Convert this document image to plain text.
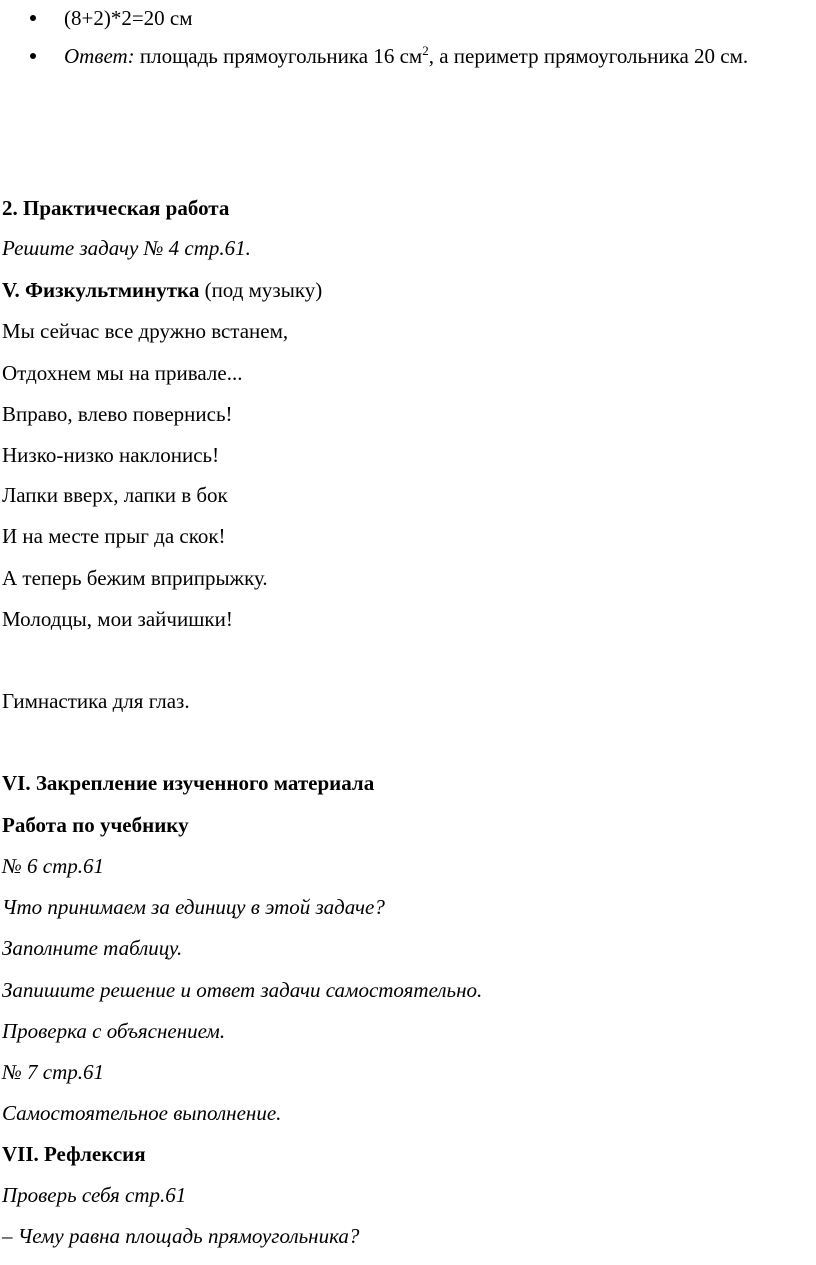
(8+2)*2=20 см
Ответ: площадь прямоугольника 16 $см^2$, а периметр прямоугольника 20 см.
2. Практическая работа
Решите задачу № 4 стр.61.
V. Физкультминутка (под музыку)
Мы сейчас все дружно встанем,
Отдохнем мы на привале...
Вправо, влево повернись!
Низко-низко наклонись!
Лапки вверх, лапки в бок
И на месте прыг да скок!
А теперь бежим вприпрыжку.
Молодцы, мои зайчишки!
Гимнастика для глаз.
VI. Закрепление изученного материала
Работа по учебнику
№ 6 стр.61
Что принимаем за единицу в этой задаче?
Заполните таблицу.
Запишите решение и ответ задачи самостоятельно.
Проверка с объяснением.
№ 7 стр.61
Самостоятельное выполнение.
VII. Рефлексия
Проверь себя стр.61
– Чему равна площадь прямоугольника?
